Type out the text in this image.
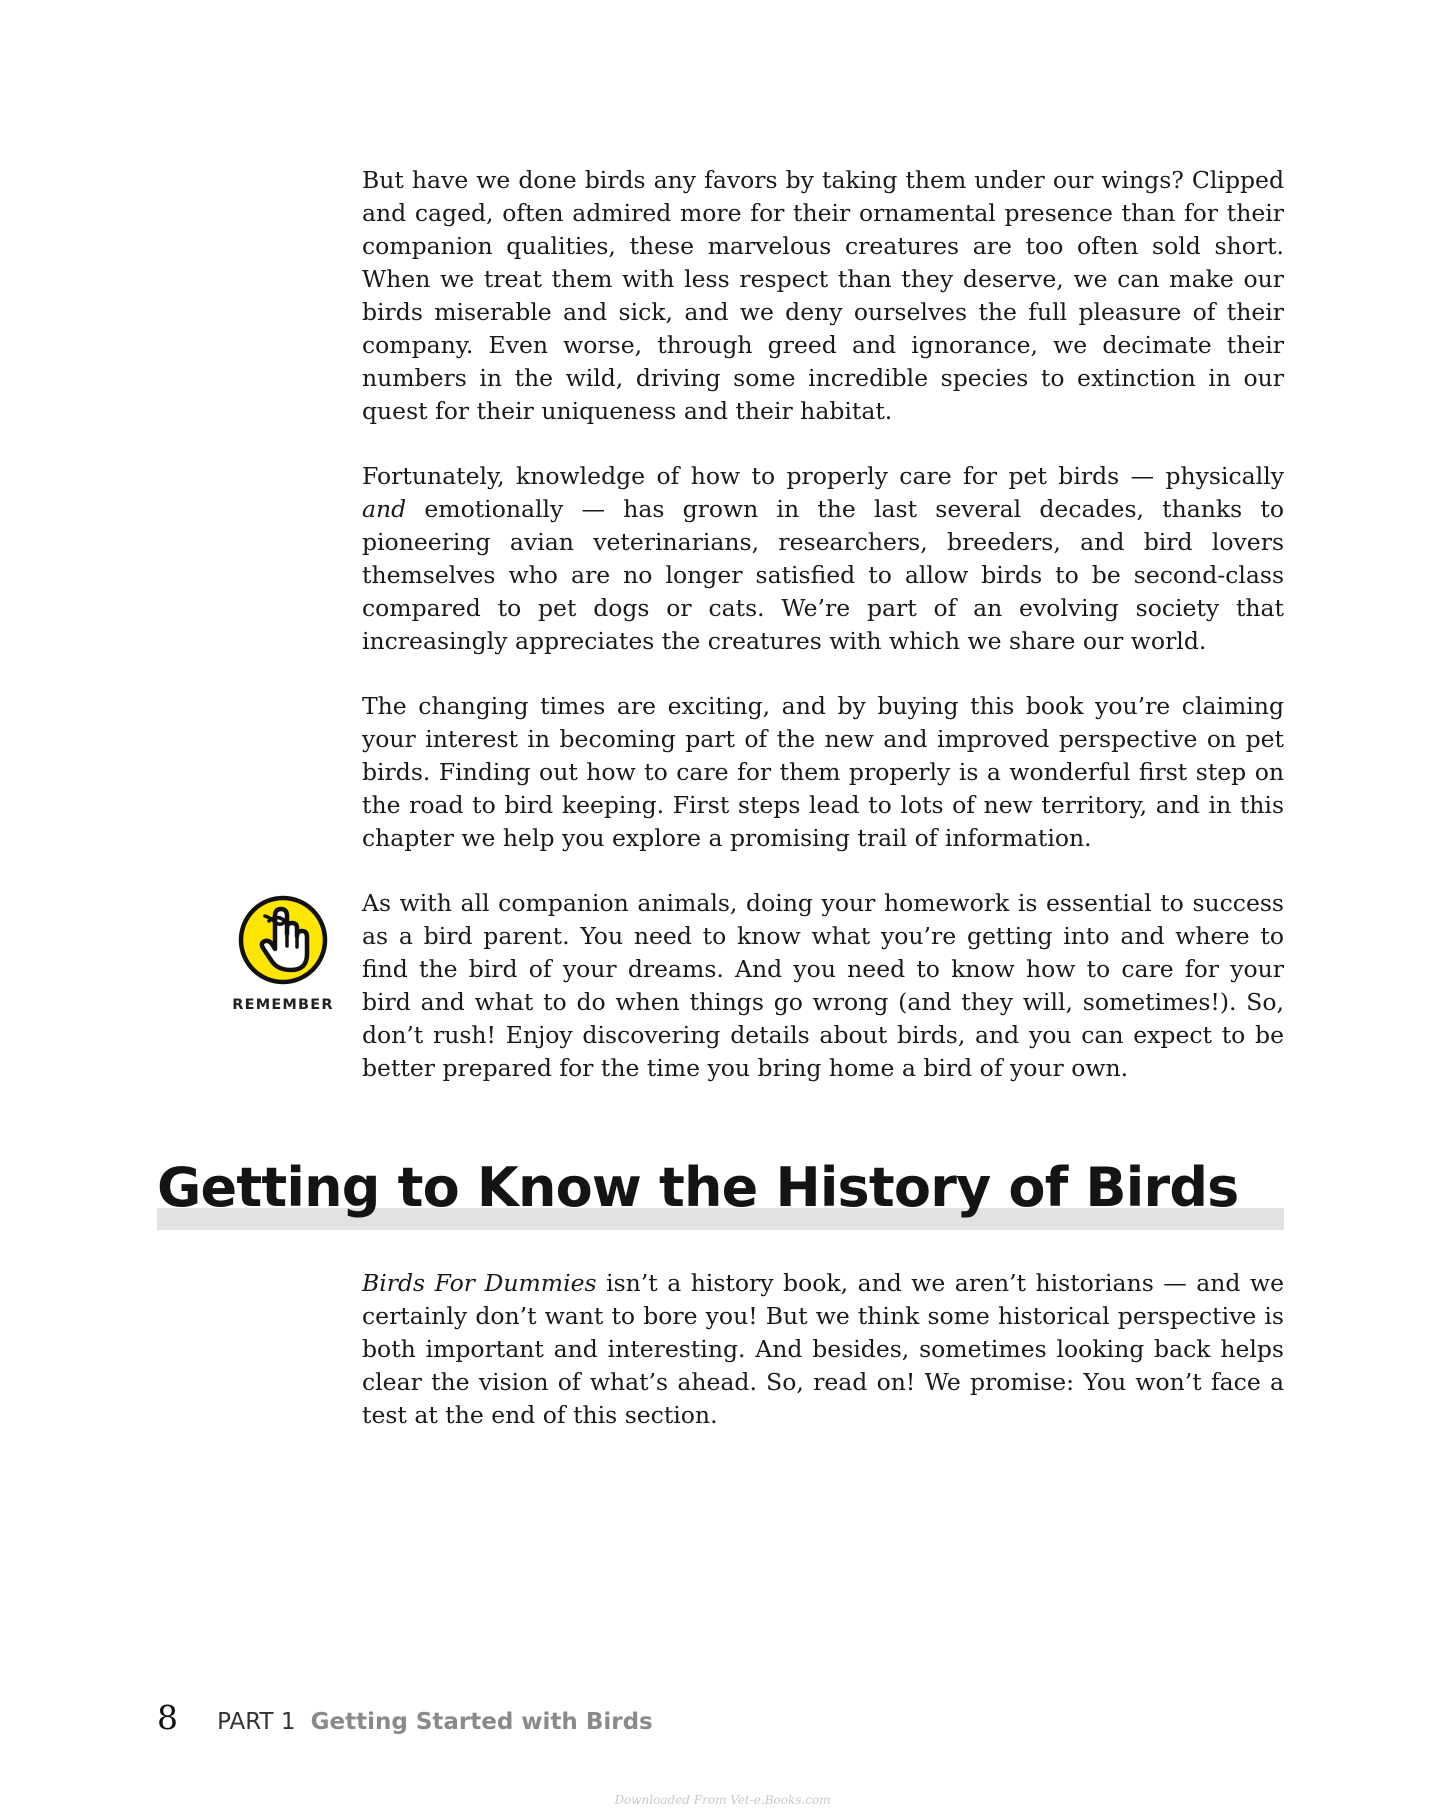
But have we done birds any favors by taking them under our wings? Clipped and caged, often admired more for their ornamental presence than for their companion qualities, these marvelous creatures are too often sold short. When we treat them with less respect than they deserve, we can make our birds miserable and sick, and we deny ourselves the full pleasure of their company. Even worse, through greed and ignorance, we decimate their numbers in the wild, driving some incredible species to extinction in our quest for their uniqueness and their habitat.

Fortunately, knowledge of how to properly care for pet birds — physically and emotionally — has grown in the last several decades, thanks to pioneering avian veterinarians, researchers, breeders, and bird lovers themselves who are no longer satisfied to allow birds to be second-class compared to pet dogs or cats. We’re part of an evolving society that increasingly appreciates the creatures with which we share our world.

The changing times are exciting, and by buying this book you’re claiming your interest in becoming part of the new and improved perspective on pet birds. Finding out how to care for them properly is a wonderful first step on the road to bird keeping. First steps lead to lots of new territory, and in this chapter we help you explore a promising trail of information.

REMEMBER

As with all companion animals, doing your homework is essential to success as a bird parent. You need to know what you’re getting into and where to find the bird of your dreams. And you need to know how to care for your bird and what to do when things go wrong (and they will, sometimes!). So, don’t rush! Enjoy discovering details about birds, and you can expect to be better prepared for the time you bring home a bird of your own.

Getting to Know the History of Birds

Birds For Dummies isn’t a history book, and we aren’t historians — and we certainly don’t want to bore you! But we think some historical perspective is both important and interesting. And besides, sometimes looking back helps clear the vision of what’s ahead. So, read on! We promise: You won’t face a test at the end of this section.

8 PART 1 Getting Started with Birds
Downloaded From Vet-e.Books.com
